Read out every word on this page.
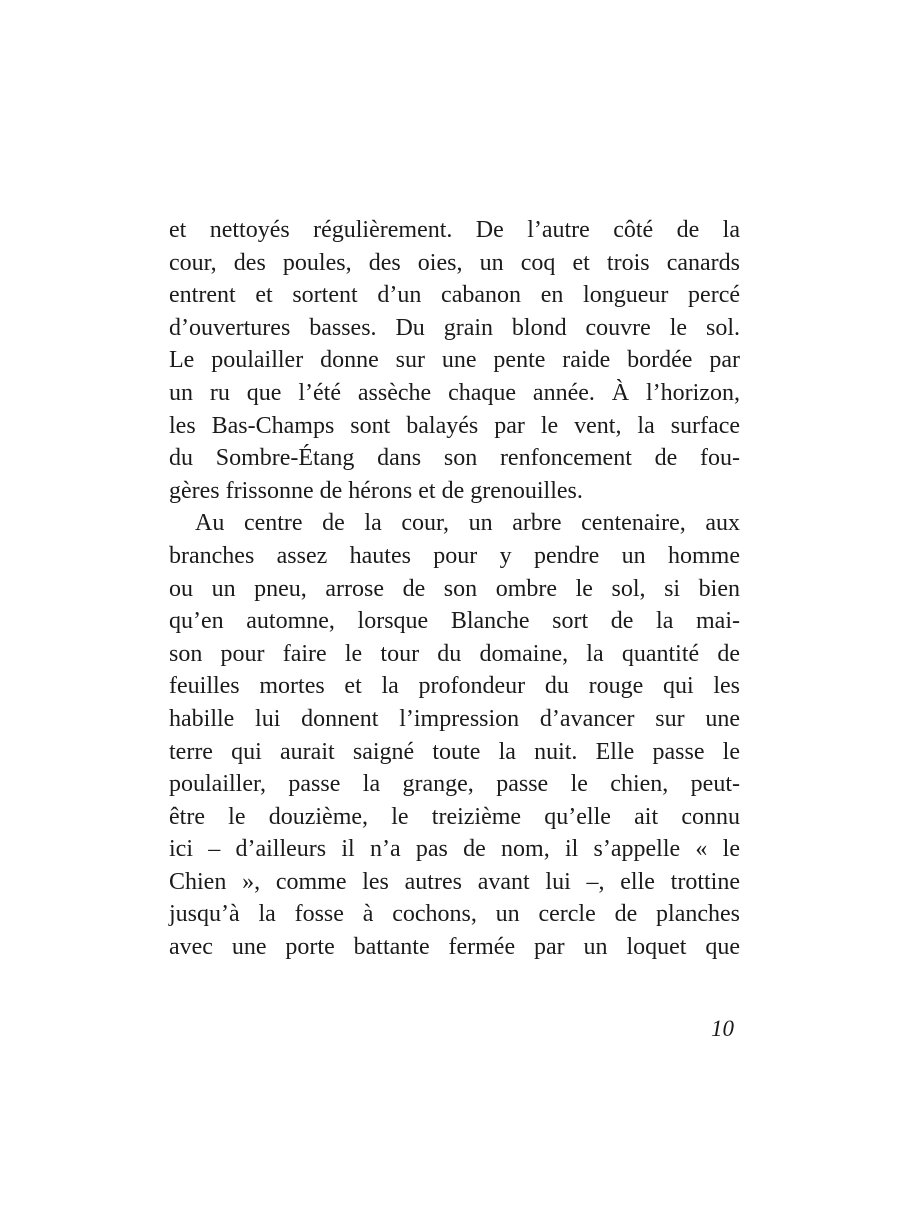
et nettoyés régulièrement. De l’autre côté de la
cour, des poules, des oies, un coq et trois canards
entrent et sortent d’un cabanon en longueur percé
d’ouvertures basses. Du grain blond couvre le sol.
Le poulailler donne sur une pente raide bordée par
un ru que l’été assèche chaque année. À l’horizon,
les Bas-Champs sont balayés par le vent, la surface
du Sombre-Étang dans son renfoncement de fou-
gères frissonne de hérons et de grenouilles.
Au centre de la cour, un arbre centenaire, aux
branches assez hautes pour y pendre un homme
ou un pneu, arrose de son ombre le sol, si bien
qu’en automne, lorsque Blanche sort de la mai-
son pour faire le tour du domaine, la quantité de
feuilles mortes et la profondeur du rouge qui les
habille lui donnent l’impression d’avancer sur une
terre qui aurait saigné toute la nuit. Elle passe le
poulailler, passe la grange, passe le chien, peut-
être le douzième, le treizième qu’elle ait connu
ici – d’ailleurs il n’a pas de nom, il s’appelle « le
Chien », comme les autres avant lui –, elle trottine
jusqu’à la fosse à cochons, un cercle de planches
avec une porte battante fermée par un loquet que
10
